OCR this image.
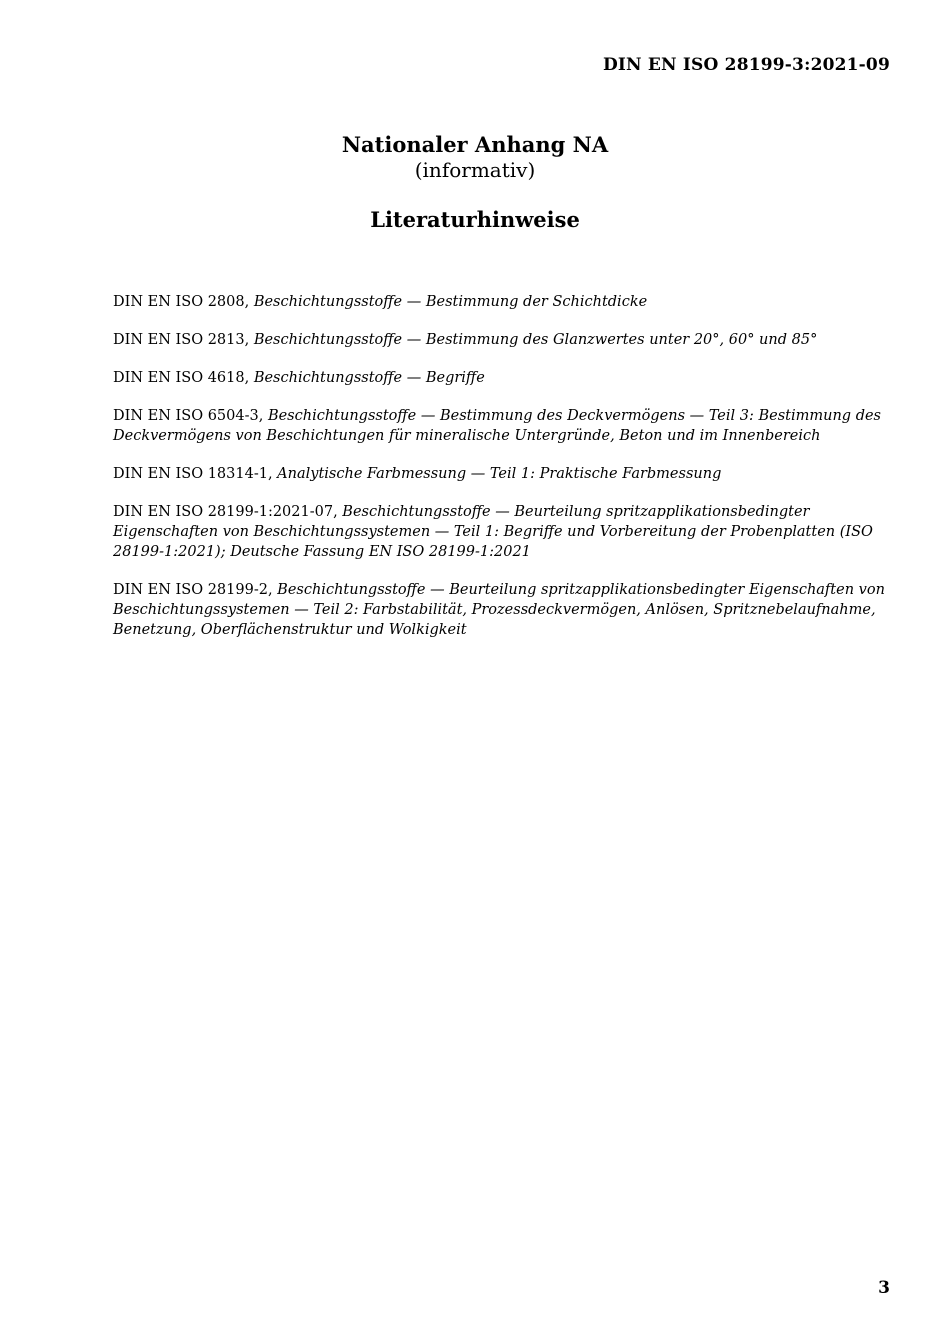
DIN EN ISO 28199-3:2021-09
Nationaler Anhang NA
(informativ)
Literaturhinweise
DIN EN ISO 2808, Beschichtungsstoffe — Bestimmung der Schichtdicke
DIN EN ISO 2813, Beschichtungsstoffe — Bestimmung des Glanzwertes unter 20°, 60° und 85°
DIN EN ISO 4618, Beschichtungsstoffe — Begriffe
DIN EN ISO 6504-3, Beschichtungsstoffe — Bestimmung des Deckvermögens — Teil 3: Bestimmung des Deckvermögens von Beschichtungen für mineralische Untergründe, Beton und im Innenbereich
DIN EN ISO 18314-1, Analytische Farbmessung — Teil 1: Praktische Farbmessung
DIN EN ISO 28199-1:2021-07, Beschichtungsstoffe — Beurteilung spritzapplikationsbedingter Eigenschaften von Beschichtungssystemen — Teil 1: Begriffe und Vorbereitung der Probenplatten (ISO 28199-1:2021); Deutsche Fassung EN ISO 28199-1:2021
DIN EN ISO 28199-2, Beschichtungsstoffe — Beurteilung spritzapplikationsbedingter Eigenschaften von Beschichtungssystemen — Teil 2: Farbstabilität, Prozessdeckvermögen, Anlösen, Spritznebelaufnahme, Benetzung, Oberflächenstruktur und Wolkigkeit
3
